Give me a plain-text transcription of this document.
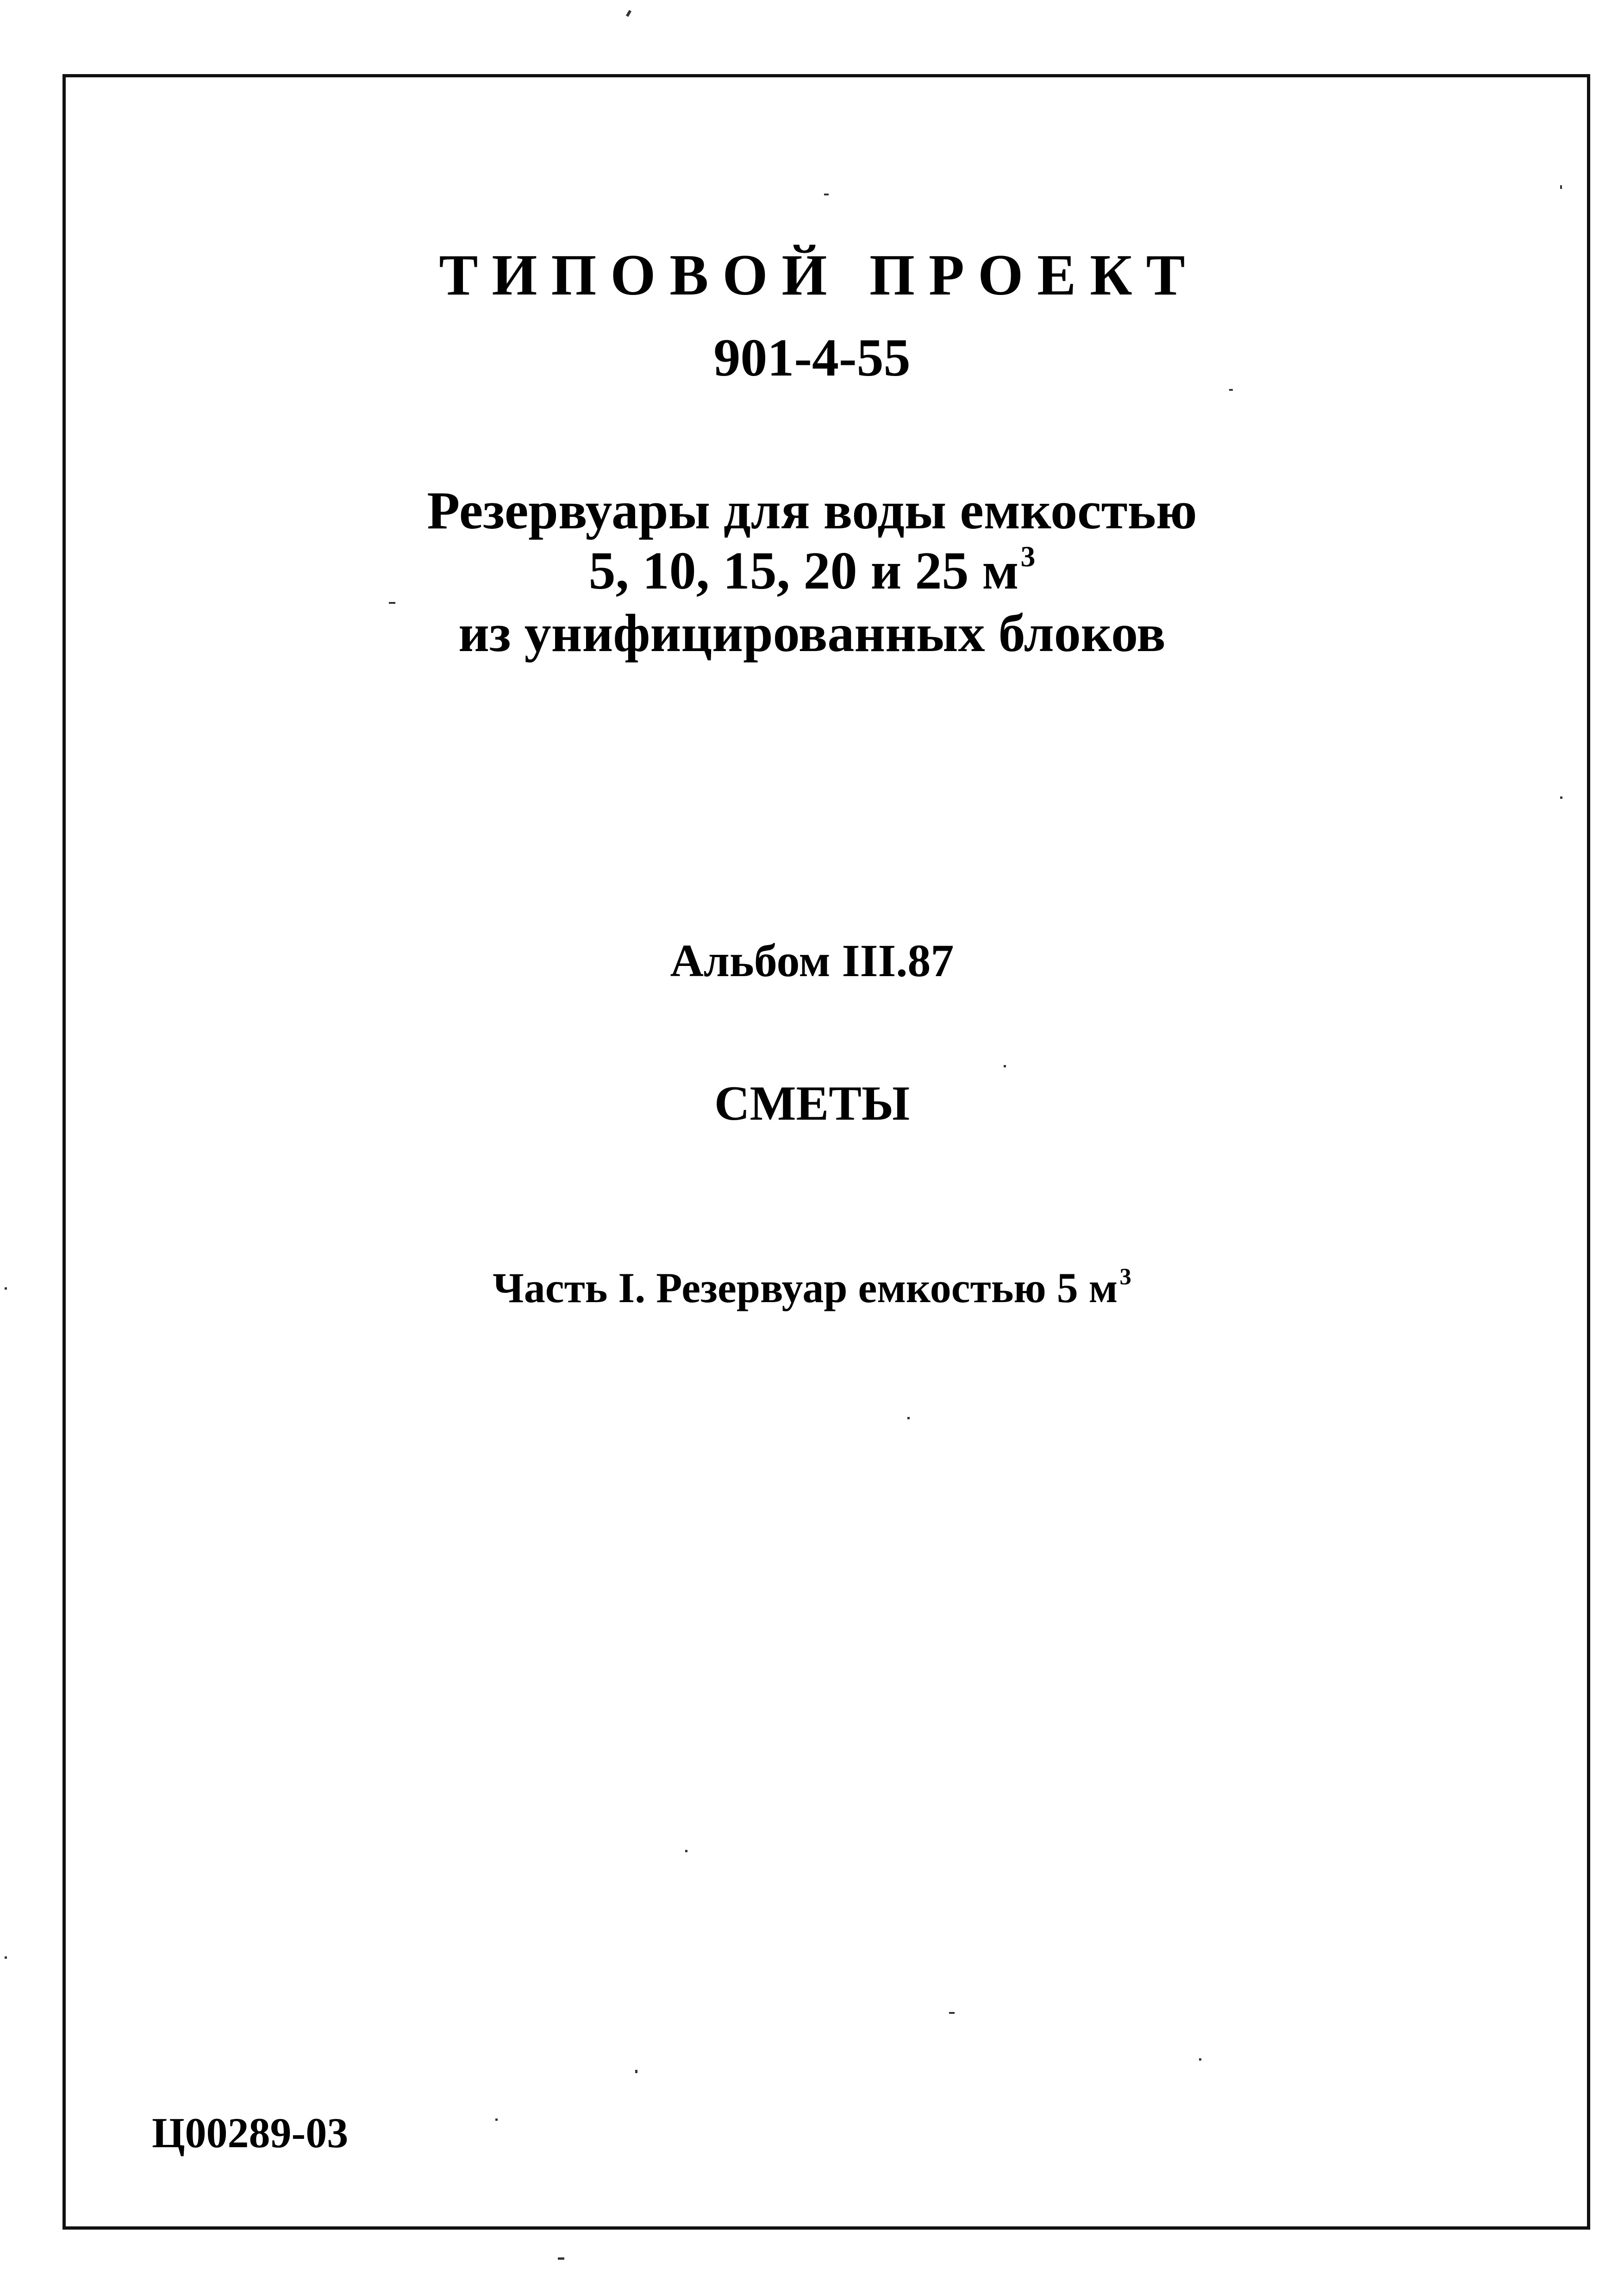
ТИПОВОЙ ПРОЕКТ
901-4-55
Резервуары для воды емкостью
5, 10, 15, 20 и 25 $м^3$
из унифицированных блоков
Альбом III.87
СМЕТЫ
Часть I. Резервуар емкостью 5 $м^3$
Ц00289-03
